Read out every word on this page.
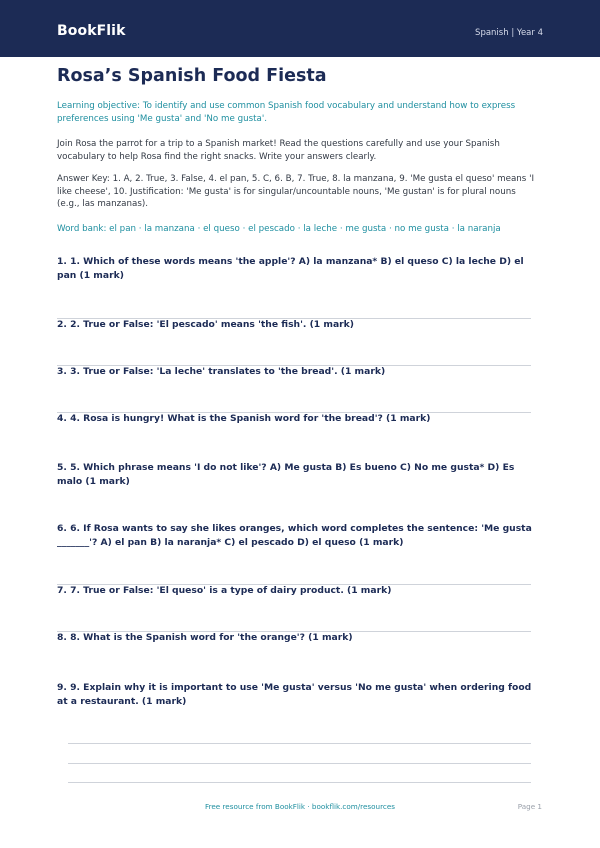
BookFlik	Spanish | Year 4
Rosa’s Spanish Food Fiesta

Learning objective: To identify and use common Spanish food vocabulary and understand how to express preferences using 'Me gusta' and 'No me gusta'.

Join Rosa the parrot for a trip to a Spanish market! Read the questions carefully and use your Spanish vocabulary to help Rosa find the right snacks. Write your answers clearly.

Answer Key: 1. A, 2. True, 3. False, 4. el pan, 5. C, 6. B, 7. True, 8. la manzana, 9. 'Me gusta el queso' means 'I like cheese', 10. Justification: 'Me gusta' is for singular/uncountable nouns, 'Me gustan' is for plural nouns (e.g., las manzanas).

Word bank: el pan · la manzana · el queso · el pescado · la leche · me gusta · no me gusta · la naranja

1. 1. Which of these words means 'the apple'? A) la manzana* B) el queso C) la leche D) el pan (1 mark)

2. 2. True or False: 'El pescado' means 'the fish'. (1 mark)

3. 3. True or False: 'La leche' translates to 'the bread'. (1 mark)

4. 4. Rosa is hungry! What is the Spanish word for 'the bread'? (1 mark)

5. 5. Which phrase means 'I do not like'? A) Me gusta B) Es bueno C) No me gusta* D) Es malo (1 mark)

6. 6. If Rosa wants to say she likes oranges, which word completes the sentence: 'Me gusta _______'? A) el pan B) la naranja* C) el pescado D) el queso (1 mark)

7. 7. True or False: 'El queso' is a type of dairy product. (1 mark)

8. 8. What is the Spanish word for 'the orange'? (1 mark)

9. 9. Explain why it is important to use 'Me gusta' versus 'No me gusta' when ordering food at a restaurant. (1 mark)

Free resource from BookFlik · bookflik.com/resources	Page 1
